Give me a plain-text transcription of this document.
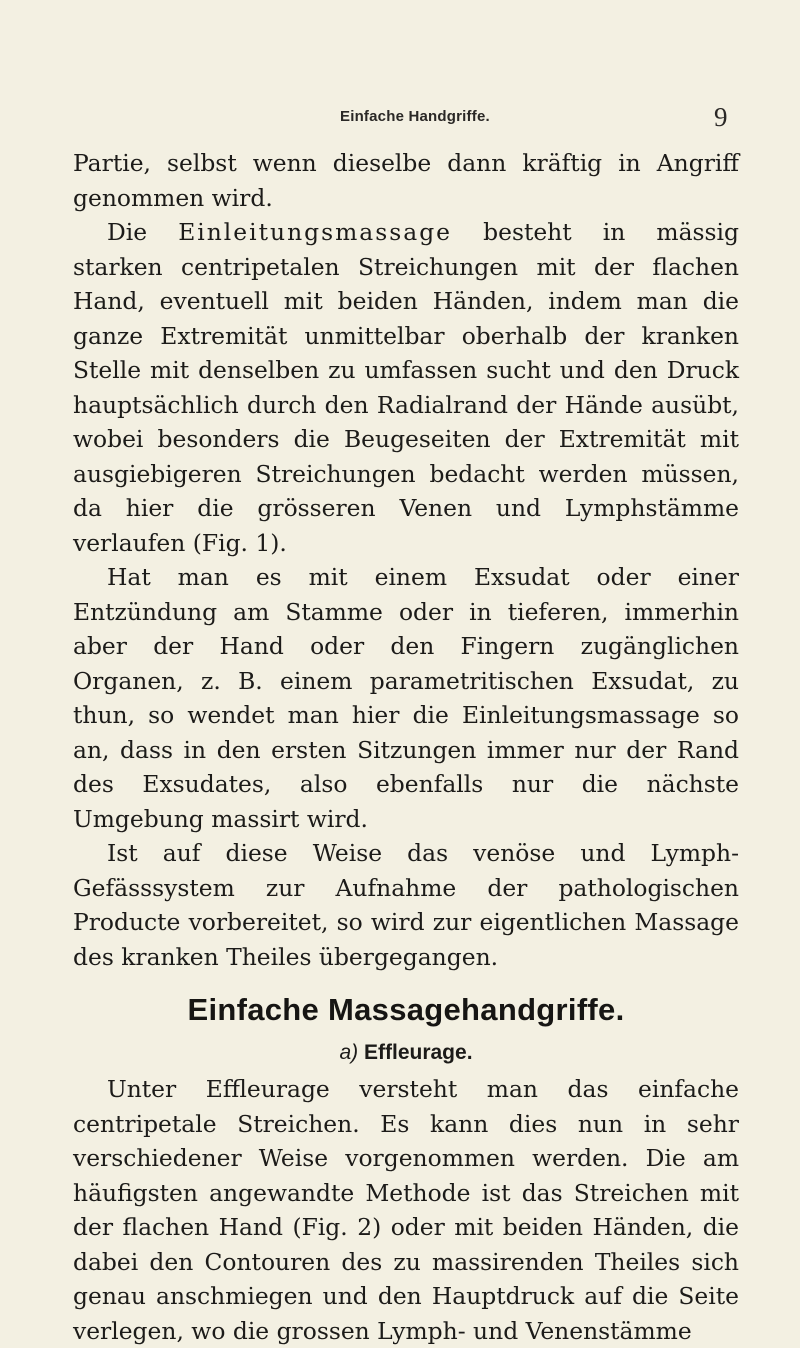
Einfache Handgriffe.	9

Partie, selbst wenn dieselbe dann kräftig in Angriff genommen wird.

Die Einleitungsmassage besteht in mässig starken centripetalen Streichungen mit der flachen Hand, eventuell mit beiden Händen, indem man die ganze Extremität unmittelbar oberhalb der kranken Stelle mit denselben zu umfassen sucht und den Druck hauptsächlich durch den Radialrand der Hände ausübt, wobei besonders die Beugeseiten der Extremität mit ausgiebigeren Streichungen bedacht werden müssen, da hier die grösseren Venen und Lymphstämme verlaufen (Fig. 1).

Hat man es mit einem Exsudat oder einer Entzündung am Stamme oder in tieferen, immerhin aber der Hand oder den Fingern zugänglichen Organen, z. B. einem parametritischen Exsudat, zu thun, so wendet man hier die Einleitungsmassage so an, dass in den ersten Sitzungen immer nur der Rand des Exsudates, also ebenfalls nur die nächste Umgebung massirt wird.

Ist auf diese Weise das venöse und Lymph-Gefässsystem zur Aufnahme der pathologischen Producte vorbereitet, so wird zur eigentlichen Massage des kranken Theiles übergegangen.

Einfache Massagehandgriffe.
a) Effleurage.

Unter Effleurage versteht man das einfache centripetale Streichen. Es kann dies nun in sehr verschiedener Weise vorgenommen werden. Die am häufigsten angewandte Methode ist das Streichen mit der flachen Hand (Fig. 2) oder mit beiden Händen, die dabei den Contouren des zu massirenden Theiles sich genau anschmiegen und den Hauptdruck auf die Seite verlegen, wo die grossen Lymph- und Venenstämme
